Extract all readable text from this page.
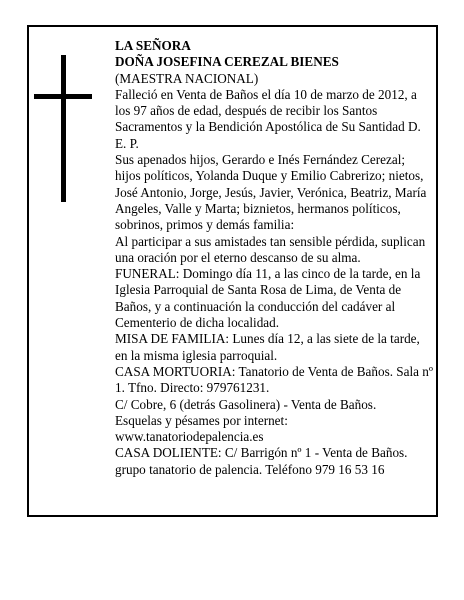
LA SEÑORA

DOÑA JOSEFINA CEREZAL BIENES

(MAESTRA NACIONAL)

Falleció en Venta de Baños el día 10 de marzo de 2012, a los 97 años de edad, después de recibir los Santos Sacramentos y la Bendición Apostólica de Su Santidad D. E. P.

Sus apenados hijos, Gerardo e Inés Fernández Cerezal; hijos políticos, Yolanda Duque y Emilio Cabrerizo; nietos, José Antonio, Jorge, Jesús, Javier, Verónica, Beatriz, María Angeles, Valle y Marta; biznietos, hermanos políticos, sobrinos, primos y demás familia:

Al participar a sus amistades tan sensible pérdida, suplican una oración por el eterno descanso de su alma.

FUNERAL: Domingo día 11, a las cinco de la tarde, en la Iglesia Parroquial de Santa Rosa de Lima, de Venta de Baños, y a continuación la conducción del cadáver al Cementerio de dicha localidad.

MISA DE FAMILIA: Lunes día 12, a las siete de la tarde, en la misma iglesia parroquial.

CASA MORTUORIA: Tanatorio de Venta de Baños. Sala nº 1. Tfno. Directo: 979761231.

C/ Cobre, 6 (detrás Gasolinera) - Venta de Baños.

Esquelas y pésames por internet:

www.tanatoriodepalencia.es

CASA DOLIENTE: C/ Barrigón nº 1 - Venta de Baños.

grupo tanatorio de palencia. Teléfono 979 16 53 16
